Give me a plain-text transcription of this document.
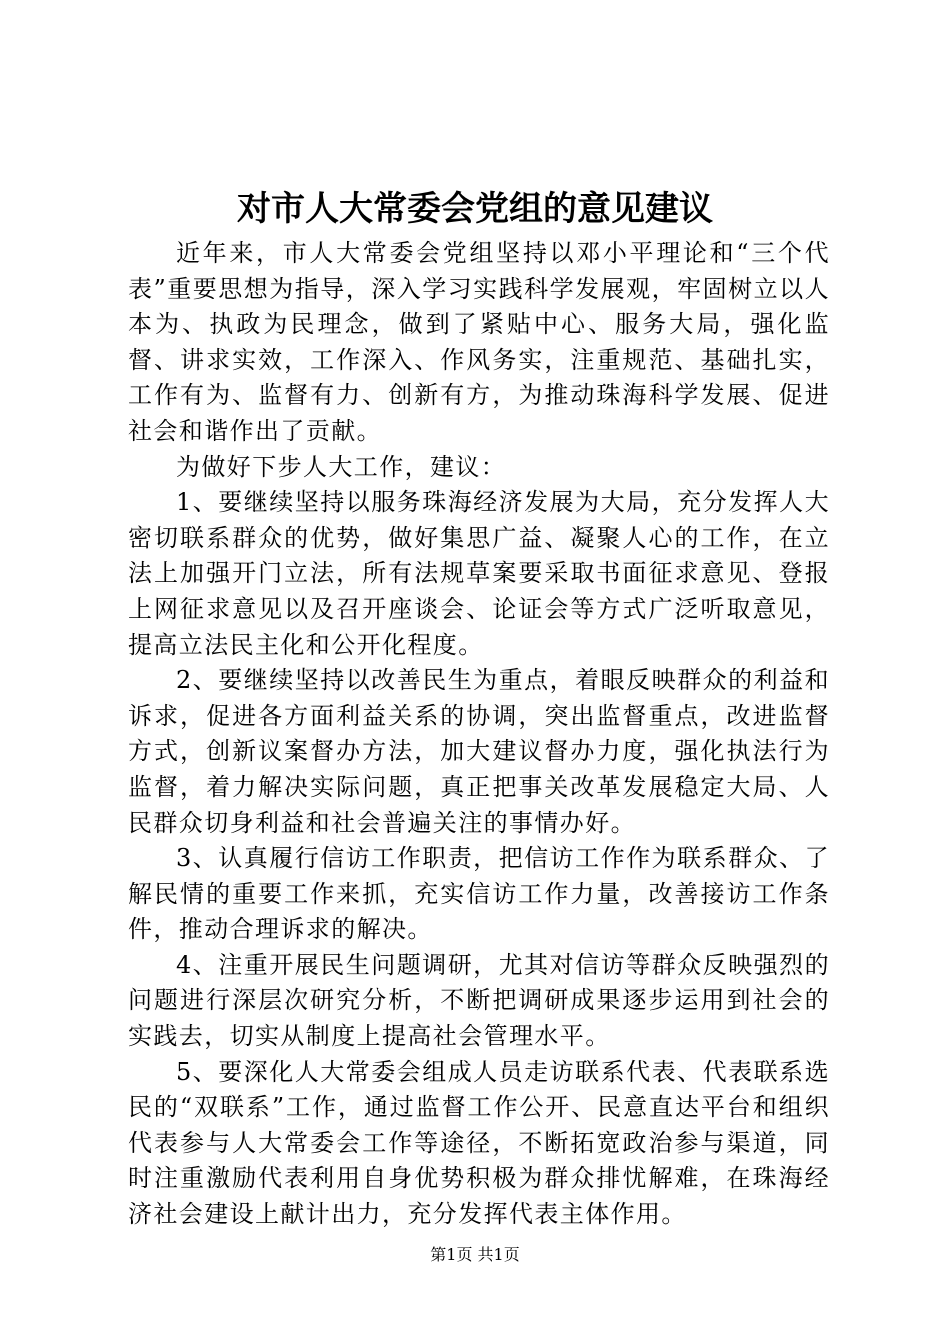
对市人大常委会党组的意见建议

近年来，市人大常委会党组坚持以邓小平理论和“三个代表”重要思想为指导，深入学习实践科学发展观，牢固树立以人本为、执政为民理念，做到了紧贴中心、服务大局，强化监督、讲求实效，工作深入、作风务实，注重规范、基础扎实，工作有为、监督有力、创新有方，为推动珠海科学发展、促进社会和谐作出了贡献。

为做好下步人大工作，建议：

1、要继续坚持以服务珠海经济发展为大局，充分发挥人大密切联系群众的优势，做好集思广益、凝聚人心的工作，在立法上加强开门立法，所有法规草案要采取书面征求意见、登报上网征求意见以及召开座谈会、论证会等方式广泛听取意见，提高立法民主化和公开化程度。

2、要继续坚持以改善民生为重点，着眼反映群众的利益和诉求，促进各方面利益关系的协调，突出监督重点，改进监督方式，创新议案督办方法，加大建议督办力度，强化执法行为监督，着力解决实际问题，真正把事关改革发展稳定大局、人民群众切身利益和社会普遍关注的事情办好。

3、认真履行信访工作职责，把信访工作作为联系群众、了解民情的重要工作来抓，充实信访工作力量，改善接访工作条件，推动合理诉求的解决。

4、注重开展民生问题调研，尤其对信访等群众反映强烈的问题进行深层次研究分析，不断把调研成果逐步运用到社会的实践去，切实从制度上提高社会管理水平。

5、要深化人大常委会组成人员走访联系代表、代表联系选民的“双联系”工作，通过监督工作公开、民意直达平台和组织代表参与人大常委会工作等途径，不断拓宽政治参与渠道，同时注重激励代表利用自身优势积极为群众排忧解难，在珠海经济社会建设上献计出力，充分发挥代表主体作用。

第1页 共1页
